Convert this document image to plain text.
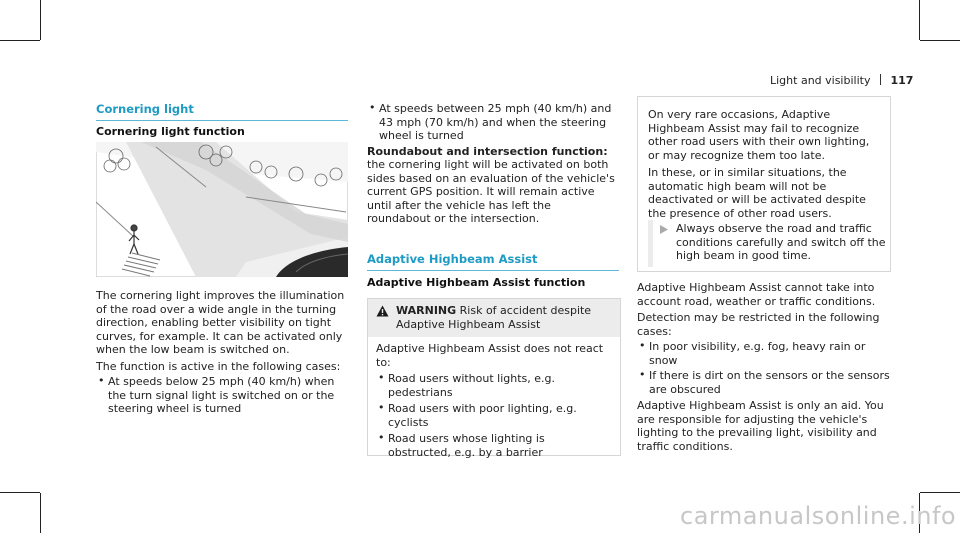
Light and visibility 117
Cornering light
Cornering light function

The cornering light improves the illumination of the road over a wide angle in the turning direction, enabling better visibility on tight curves, for example. It can be activated only when the low beam is switched on.

The function is active in the following cases:

• At speeds below 25 mph (40 km/h) when the turn signal light is switched on or the steering wheel is turned

• At speeds between 25 mph (40 km/h) and 43 mph (70 km/h) and when the steering wheel is turned

Roundabout and intersection function: the cornering light will be activated on both sides based on an evaluation of the vehicle's current GPS position. It will remain active until after the vehicle has left the roundabout or the intersection.

Adaptive Highbeam Assist
Adaptive Highbeam Assist function

WARNING Risk of accident despite Adaptive Highbeam Assist

Adaptive Highbeam Assist does not react to:

• Road users without lights, e.g. pedestrians

• Road users with poor lighting, e.g. cyclists

• Road users whose lighting is obstructed, e.g. by a barrier

On very rare occasions, Adaptive Highbeam Assist may fail to recognize other road users with their own lighting, or may recognize them too late.

In these, or in similar situations, the automatic high beam will not be deactivated or will be activated despite the presence of other road users.

Always observe the road and traffic conditions carefully and switch off the high beam in good time.

Adaptive Highbeam Assist cannot take into account road, weather or traffic conditions.

Detection may be restricted in the following cases:

• In poor visibility, e.g. fog, heavy rain or snow

• If there is dirt on the sensors or the sensors are obscured

Adaptive Highbeam Assist is only an aid. You are responsible for adjusting the vehicle's lighting to the prevailing light, visibility and traffic conditions.

carmanualsonline.info
